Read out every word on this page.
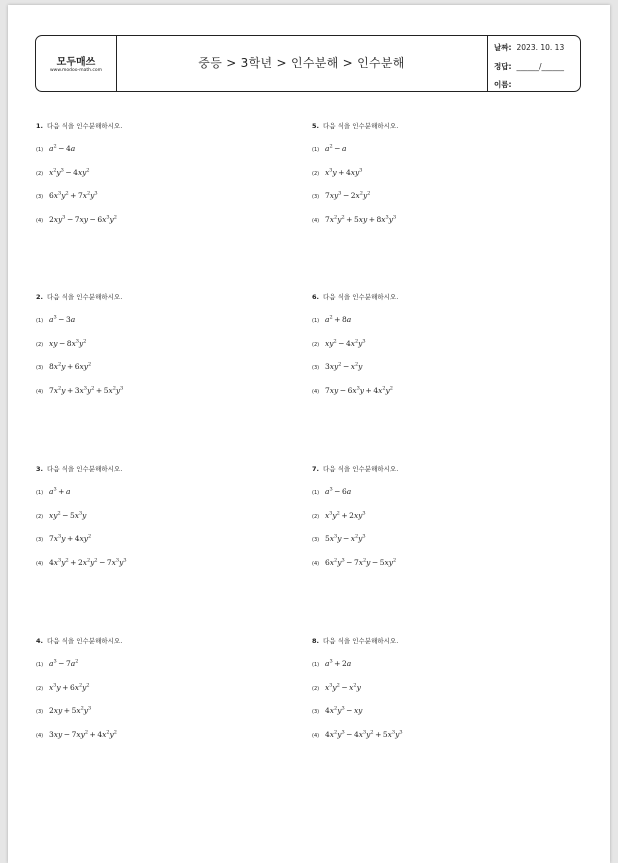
모두매쓰
www.modoo-math.com
중등 > 3학년 > 인수분해 > 인수분해
날짜: 2023. 10. 13
정답: ______/______
이름:
1. 다음 식을 인수분해하시오.
(1) $a^2 - 4a$
(2) $x^2y^3 - 4xy^2$
(3) $6x^3y^2 + 7x^2y^3$
(4) $2xy^3 - 7xy - 6x^3y^2$
2. 다음 식을 인수분해하시오.
(1) $a^3 - 3a$
(2) xy  −  $8x^3y^2$
(3) $8x^2y + 6xy^2$
(4) $7x^2y + 3x^3y^2 + 5x^2y^3$
3. 다음 식을 인수분해하시오.
(1) $a^3 + a$
(2) $xy^2 - 5x^3y$
(3) $7x^3y + 4xy^2$
(4) $4x^3y^2 + 2x^2y^2 - 7x^3y^3$
4. 다음 식을 인수분해하시오.
(1) $a^3 - 7a^2$
(2) $x^3y + 6x^2y^2$
(3) $2xy + 5x^2y^3$
(4) $3xy - 7xy^2 + 4x^2y^2$
5. 다음 식을 인수분해하시오.
(1) $a^2 - a$
(2) $x^3y + 4xy^3$
(3) $7xy^3 - 2x^2y^2$
(4) $7x^2y^2 + 5xy + 8x^3y^3$
6. 다음 식을 인수분해하시오.
(1) $a^2 + 8a$
(2) $xy^2 - 4x^2y^3$
(3) $3xy^2 - x^2y$
(4) $7xy - 6x^3y + 4x^2y^2$
7. 다음 식을 인수분해하시오.
(1) $a^3 - 6a$
(2) $x^3y^2 + 2xy^3$
(3) $5x^3y - x^2y^3$
(4) $6x^2y^3 - 7x^2y - 5xy^2$
8. 다음 식을 인수분해하시오.
(1) $a^3 + 2a$
(2) $x^3y^2 - x^2y$
(3) $4x^2y^3$  −  xy
(4) $4x^2y^3 - 4x^3y^2 + 5x^3y^3$
